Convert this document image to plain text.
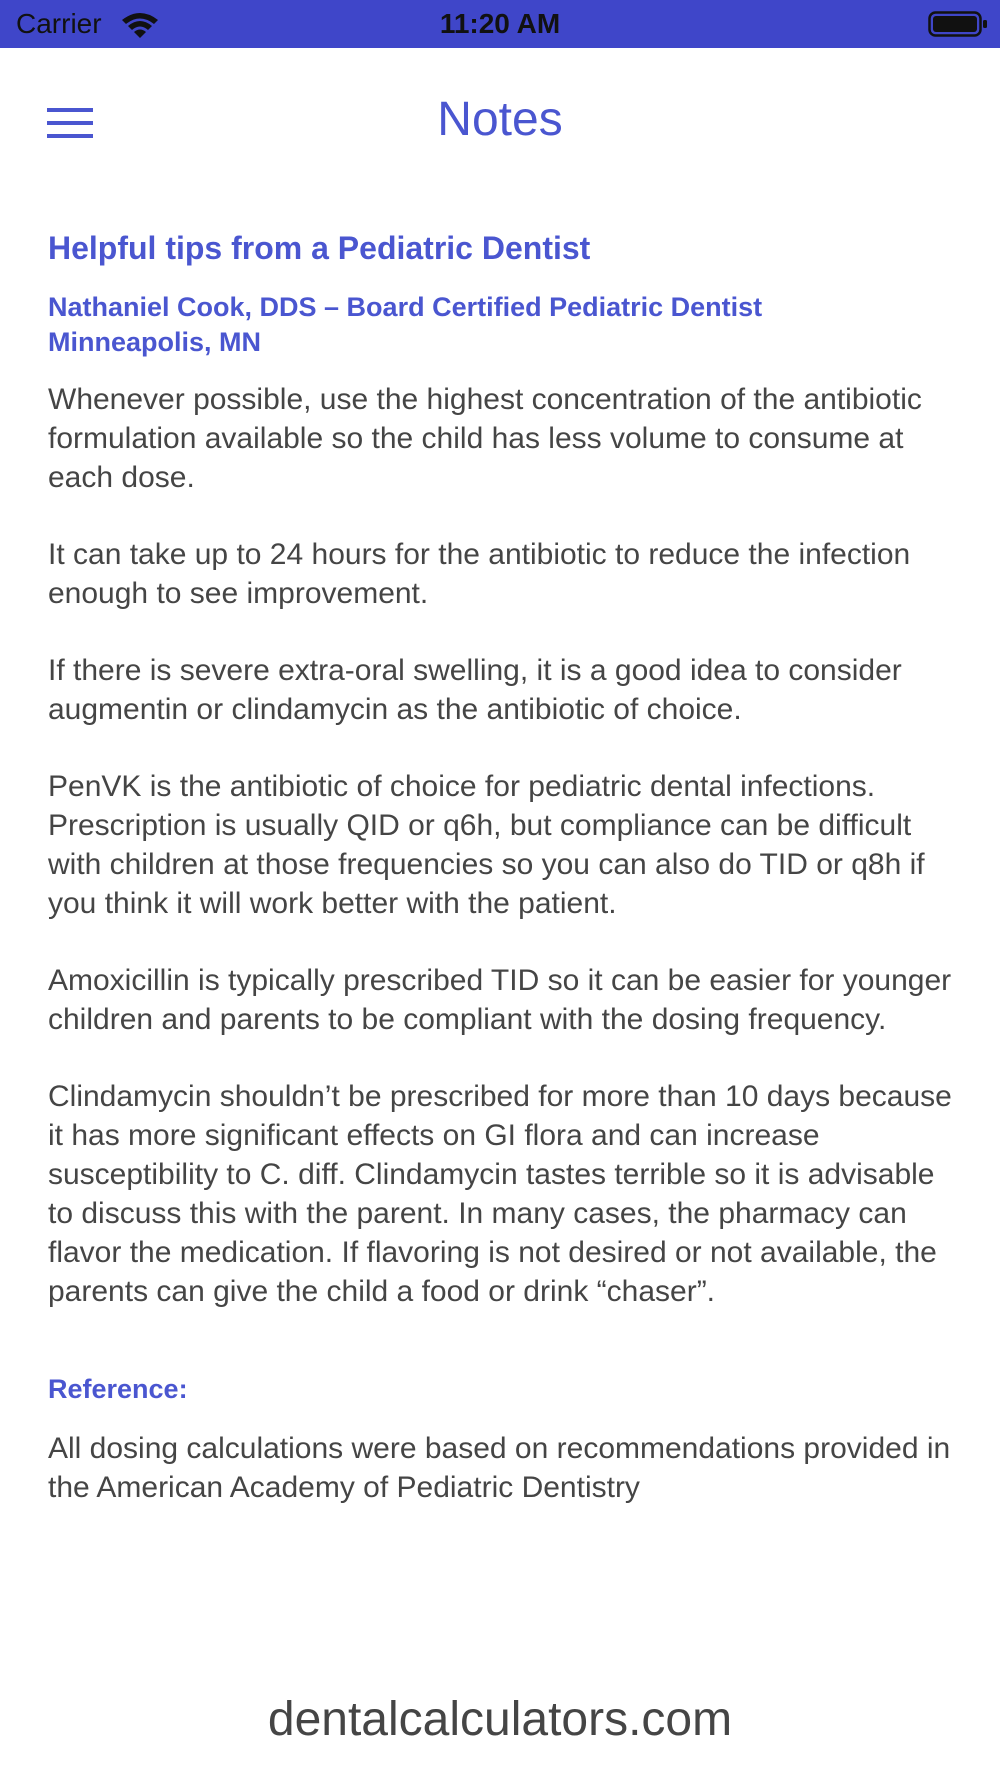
Carrier	11:20 AM
Notes
Helpful tips from a Pediatric Dentist
Nathaniel Cook, DDS – Board Certified Pediatric Dentist
Minneapolis, MN

Whenever possible, use the highest concentration of the antibiotic formulation available so the child has less volume to consume at each dose.

It can take up to 24 hours for the antibiotic to reduce the infection enough to see improvement.

If there is severe extra-oral swelling, it is a good idea to consider augmentin or clindamycin as the antibiotic of choice.

PenVK is the antibiotic of choice for pediatric dental infections. Prescription is usually QID or q6h, but compliance can be difficult with children at those frequencies so you can also do TID or q8h if you think it will work better with the patient.

Amoxicillin is typically prescribed TID so it can be easier for younger children and parents to be compliant with the dosing frequency.

Clindamycin shouldn’t be prescribed for more than 10 days because it has more significant effects on GI flora and can increase susceptibility to C. diff. Clindamycin tastes terrible so it is advisable to discuss this with the parent. In many cases, the pharmacy can flavor the medication. If flavoring is not desired or not available, the parents can give the child a food or drink “chaser”.

Reference:

All dosing calculations were based on recommendations provided in the American Academy of Pediatric Dentistry

dentalcalculators.com
